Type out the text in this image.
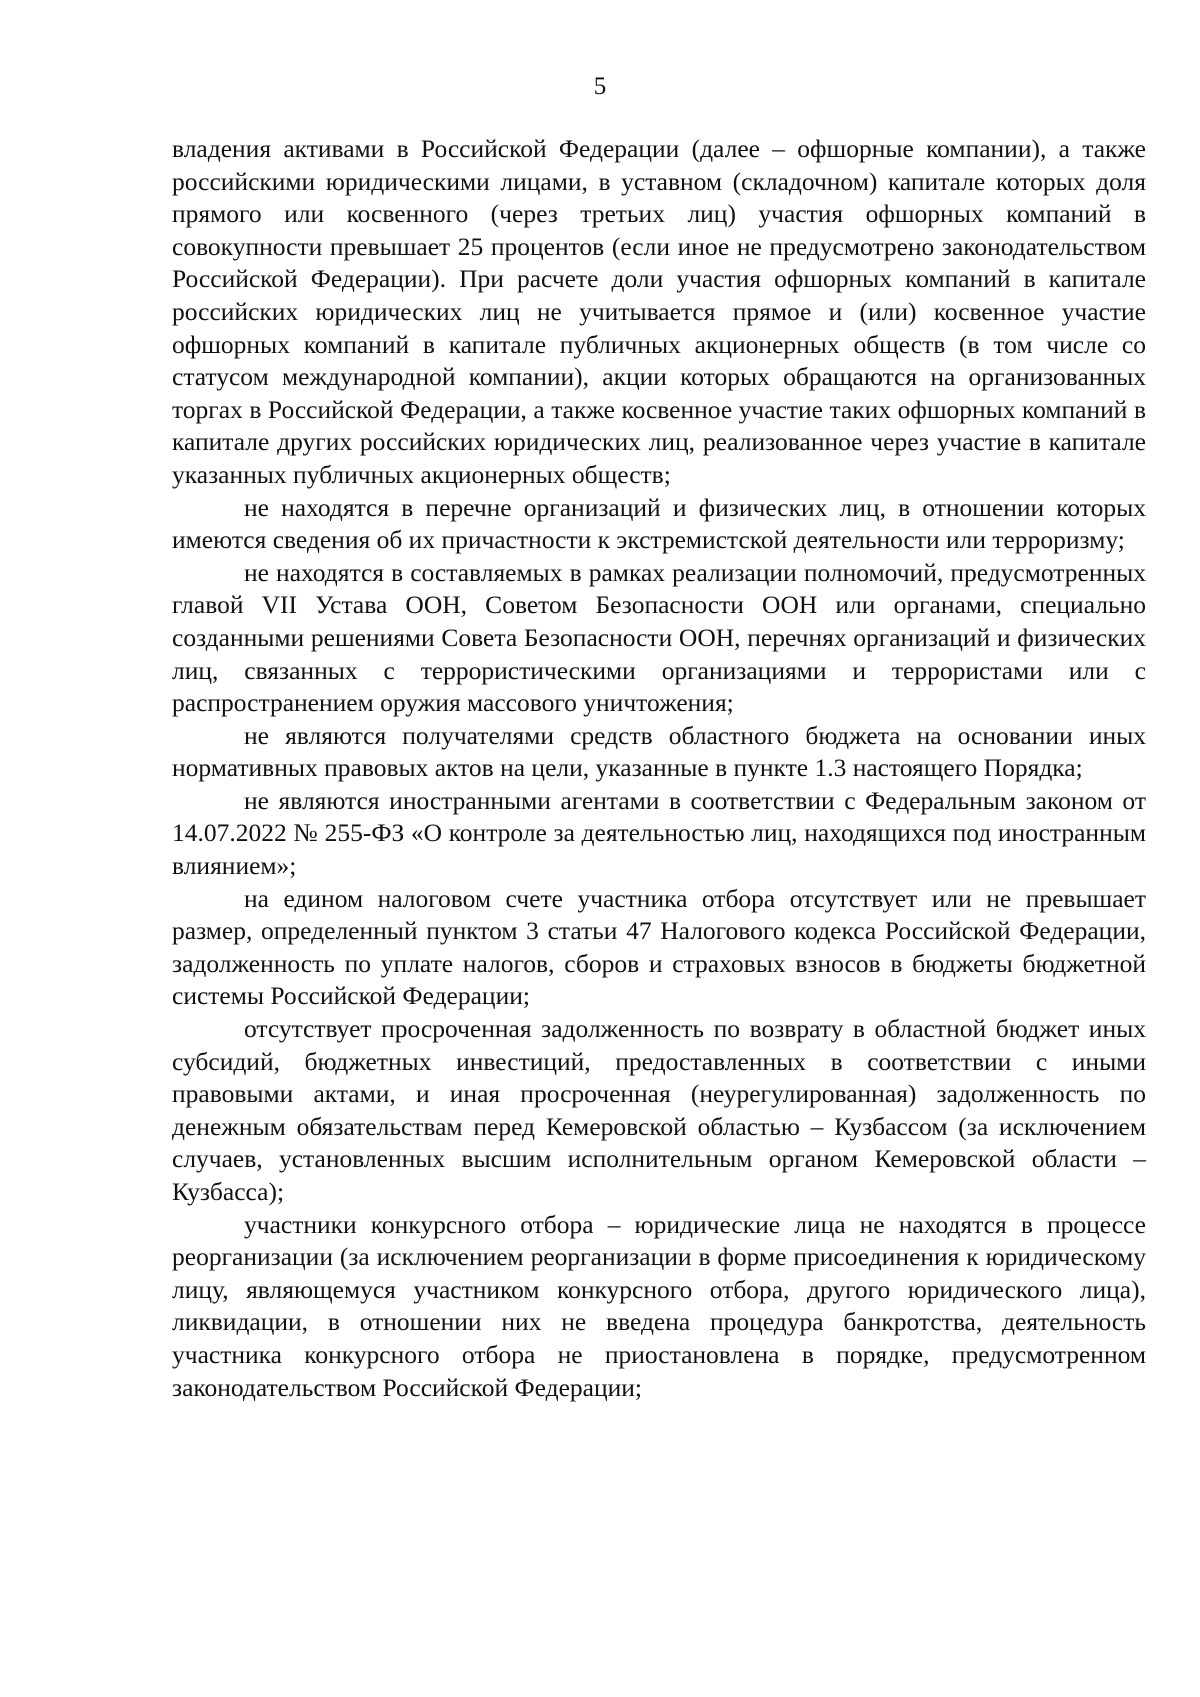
5

владения активами в Российской Федерации (далее – офшорные компании), а также российскими юридическими лицами, в уставном (складочном) капитале которых доля прямого или косвенного (через третьих лиц) участия офшорных компаний в совокупности превышает 25 процентов (если иное не предусмотрено законодательством Российской Федерации). При расчете доли участия офшорных компаний в капитале российских юридических лиц не учитывается прямое и (или) косвенное участие офшорных компаний в капитале публичных акционерных обществ (в том числе со статусом международной компании), акции которых обращаются на организованных торгах в Российской Федерации, а также косвенное участие таких офшорных компаний в капитале других российских юридических лиц, реализованное через участие в капитале указанных публичных акционерных обществ;

не находятся в перечне организаций и физических лиц, в отношении которых имеются сведения об их причастности к экстремистской деятельности или терроризму;

не находятся в составляемых в рамках реализации полномочий, предусмотренных главой VII Устава ООН, Советом Безопасности ООН или органами, специально созданными решениями Совета Безопасности ООН, перечнях организаций и физических лиц, связанных с террористическими организациями и террористами или с распространением оружия массового уничтожения;

не являются получателями средств областного бюджета на основании иных нормативных правовых актов на цели, указанные в пункте 1.3 настоящего Порядка;

не являются иностранными агентами в соответствии с Федеральным законом от 14.07.2022 № 255-ФЗ «О контроле за деятельностью лиц, находящихся под иностранным влиянием»;

на едином налоговом счете участника отбора отсутствует или не превышает размер, определенный пунктом 3 статьи 47 Налогового кодекса Российской Федерации, задолженность по уплате налогов, сборов и страховых взносов в бюджеты бюджетной системы Российской Федерации;

отсутствует просроченная задолженность по возврату в областной бюджет иных субсидий, бюджетных инвестиций, предоставленных в соответствии с иными правовыми актами, и иная просроченная (неурегулированная) задолженность по денежным обязательствам перед Кемеровской областью – Кузбассом (за исключением случаев, установленных высшим исполнительным органом Кемеровской области – Кузбасса);

участники конкурсного отбора – юридические лица не находятся в процессе реорганизации (за исключением реорганизации в форме присоединения к юридическому лицу, являющемуся участником конкурсного отбора, другого юридического лица), ликвидации, в отношении них не введена процедура банкротства, деятельность участника конкурсного отбора не приостановлена в порядке, предусмотренном законодательством Российской Федерации;
